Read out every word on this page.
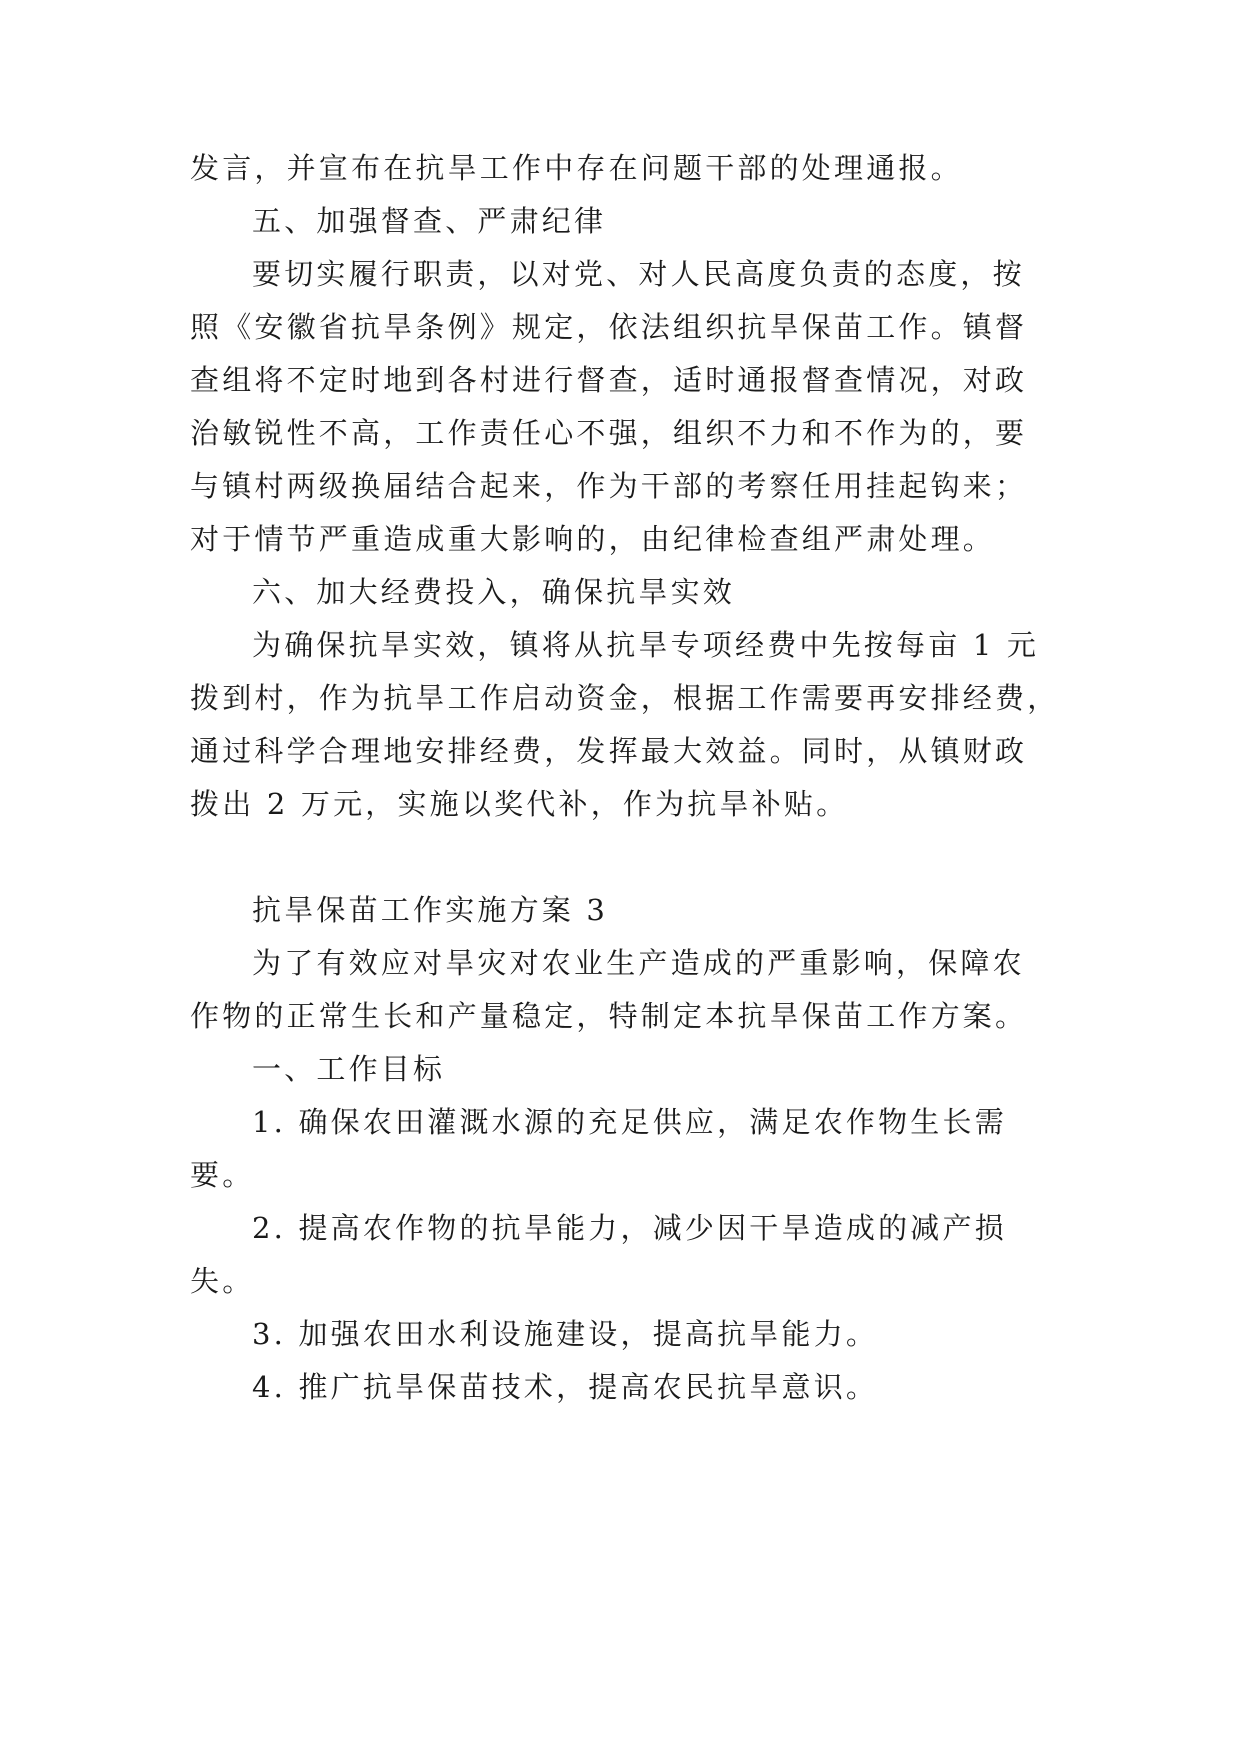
发言，并宣布在抗旱工作中存在问题干部的处理通报。
五、加强督查、严肃纪律
要切实履行职责，以对党、对人民高度负责的态度，按
照《安徽省抗旱条例》规定，依法组织抗旱保苗工作。镇督
查组将不定时地到各村进行督查，适时通报督查情况，对政
治敏锐性不高，工作责任心不强，组织不力和不作为的，要
与镇村两级换届结合起来，作为干部的考察任用挂起钩来；
对于情节严重造成重大影响的，由纪律检查组严肃处理。
六、加大经费投入，确保抗旱实效
为确保抗旱实效，镇将从抗旱专项经费中先按每亩 1 元
拨到村，作为抗旱工作启动资金，根据工作需要再安排经费，
通过科学合理地安排经费，发挥最大效益。同时，从镇财政
拨出 2 万元，实施以奖代补，作为抗旱补贴。
抗旱保苗工作实施方案 3
为了有效应对旱灾对农业生产造成的严重影响，保障农
作物的正常生长和产量稳定，特制定本抗旱保苗工作方案。
一、工作目标
1. 确保农田灌溉水源的充足供应，满足农作物生长需
要。
2. 提高农作物的抗旱能力，减少因干旱造成的减产损
失。
3. 加强农田水利设施建设，提高抗旱能力。
4. 推广抗旱保苗技术，提高农民抗旱意识。
